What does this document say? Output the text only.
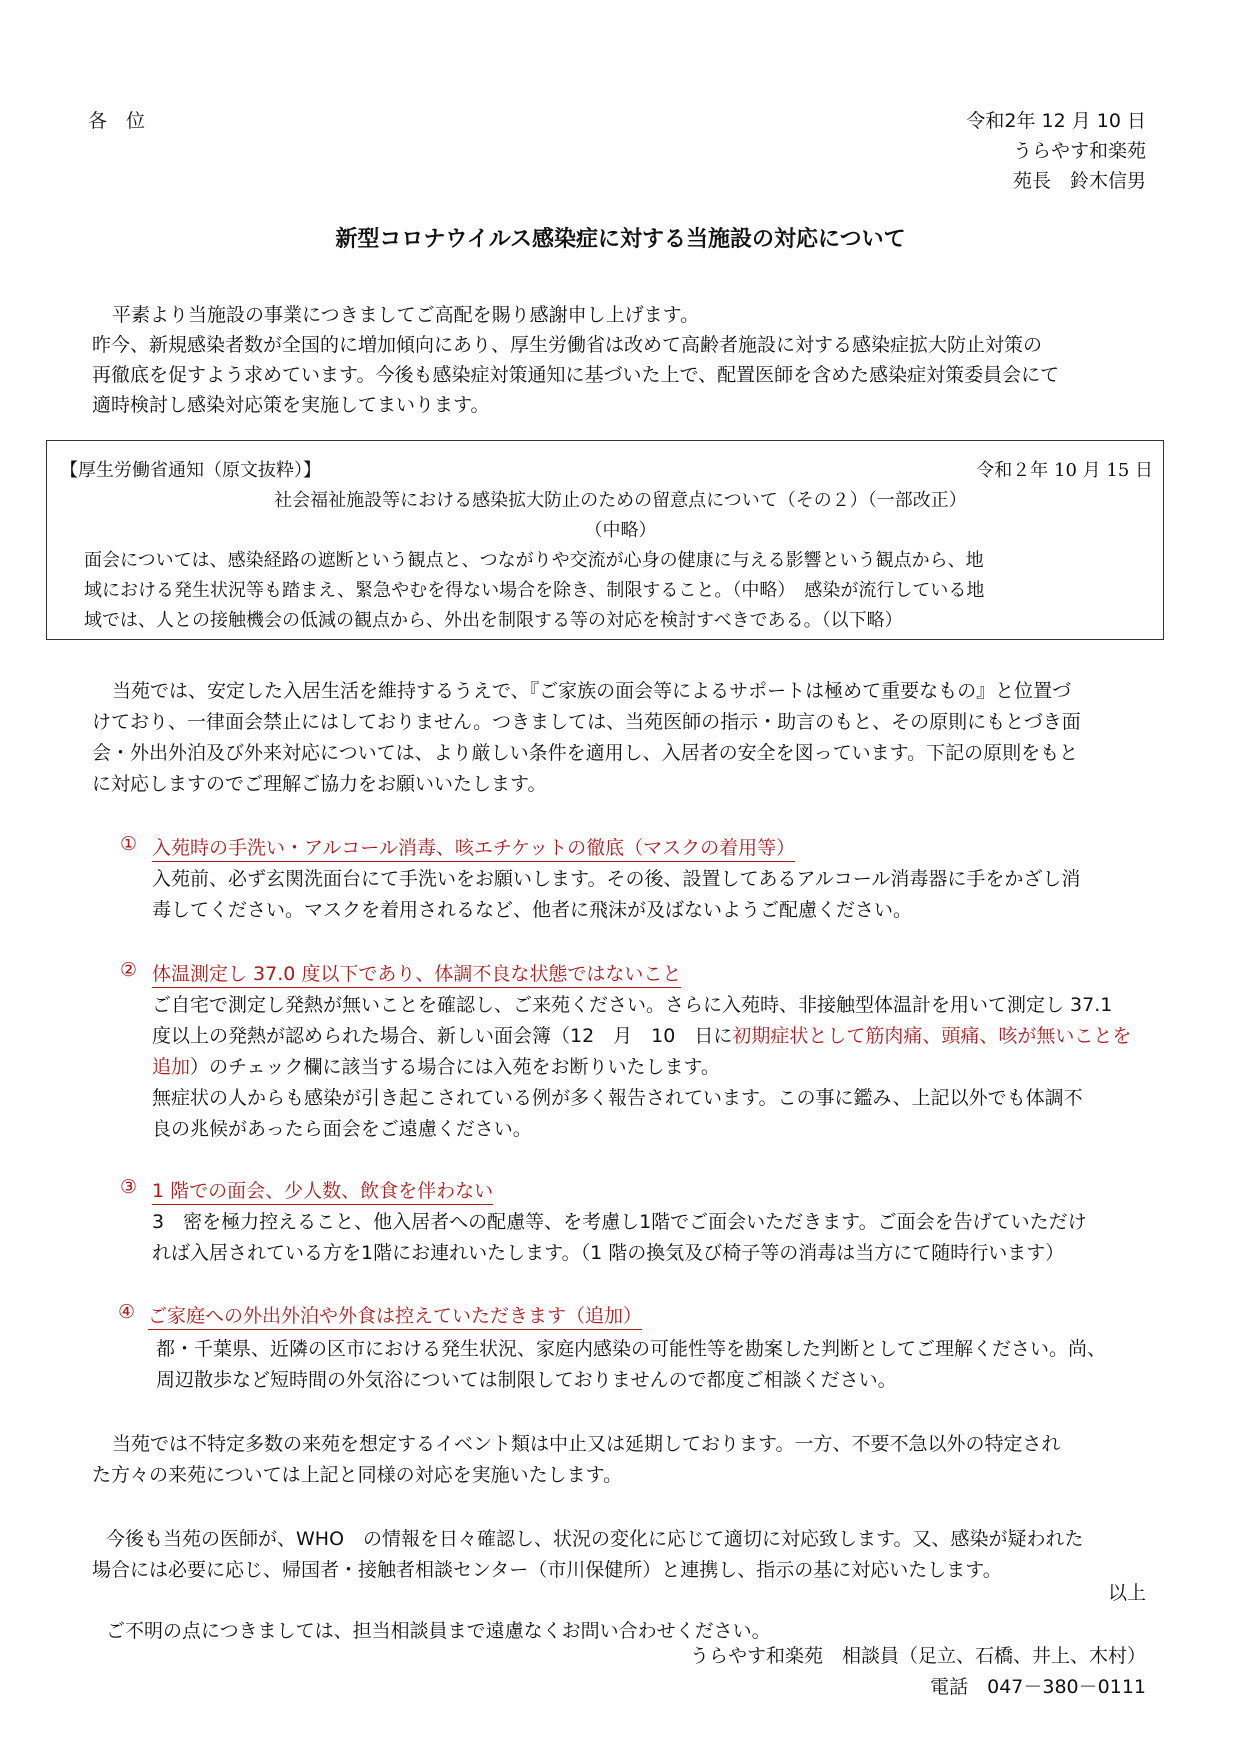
各　位	令和2年 12 月 10 日
うらやす和楽苑
苑長　鈴木信男
新型コロナウイルス感染症に対する当施設の対応について
平素より当施設の事業につきましてご高配を賜り感謝申し上げます。
昨今、新規感染者数が全国的に増加傾向にあり、厚生労働省は改めて高齢者施設に対する感染症拡大防止対策の
再徹底を促すよう求めています。今後も感染症対策通知に基づいた上で、配置医師を含めた感染症対策委員会にて
適時検討し感染対応策を実施してまいります。
【厚生労働省通知（原文抜粋）】	令和２年 10 月 15 日
社会福祉施設等における感染拡大防止のための留意点について（その２）（一部改正）
（中略）
面会については、感染経路の遮断という観点と、つながりや交流が心身の健康に与える影響という観点から、地
域における発生状況等も踏まえ、緊急やむを得ない場合を除き、制限すること。（中略）　感染が流行している地
域では、人との接触機会の低減の観点から、外出を制限する等の対応を検討すべきである。（以下略）
当苑では、安定した入居生活を維持するうえで、『ご家族の面会等によるサポートは極めて重要なもの』と位置づ
けており、一律面会禁止にはしておりません。つきましては、当苑医師の指示・助言のもと、その原則にもとづき面
会・外出外泊及び外来対応については、より厳しい条件を適用し、入居者の安全を図っています。下記の原則をもと
に対応しますのでご理解ご協力をお願いいたします。
① 入苑時の手洗い・アルコール消毒、咳エチケットの徹底（マスクの着用等）
入苑前、必ず玄関洗面台にて手洗いをお願いします。その後、設置してあるアルコール消毒器に手をかざし消
毒してください。マスクを着用されるなど、他者に飛沫が及ばないようご配慮ください。
② 体温測定し 37.0 度以下であり、体調不良な状態ではないこと
ご自宅で測定し発熱が無いことを確認し、ご来苑ください。さらに入苑時、非接触型体温計を用いて測定し 37.1
度以上の発熱が認められた場合、新しい面会簿（12　月　10　日に初期症状として筋肉痛、頭痛、咳が無いことを
追加）のチェック欄に該当する場合には入苑をお断りいたします。
無症状の人からも感染が引き起こされている例が多く報告されています。この事に鑑み、上記以外でも体調不
良の兆候があったら面会をご遠慮ください。
③ 1 階での面会、少人数、飲食を伴わない
3　密を極力控えること、他入居者への配慮等、を考慮し1階でご面会いただきます。ご面会を告げていただけ
れば入居されている方を1階にお連れいたします。（1 階の換気及び椅子等の消毒は当方にて随時行います）
④ ご家庭への外出外泊や外食は控えていただきます（追加）
都・千葉県、近隣の区市における発生状況、家庭内感染の可能性等を勘案した判断としてご理解ください。尚、
周辺散歩など短時間の外気浴については制限しておりませんので都度ご相談ください。
当苑では不特定多数の来苑を想定するイベント類は中止又は延期しております。一方、不要不急以外の特定され
た方々の来苑については上記と同様の対応を実施いたします。
今後も当苑の医師が、WHO　の情報を日々確認し、状況の変化に応じて適切に対応致します。又、感染が疑われた
場合には必要に応じ、帰国者・接触者相談センター（市川保健所）と連携し、指示の基に対応いたします。
以上
ご不明の点につきましては、担当相談員まで遠慮なくお問い合わせください。
うらやす和楽苑　相談員（足立、石橋、井上、木村）
電話　047－380－0111
